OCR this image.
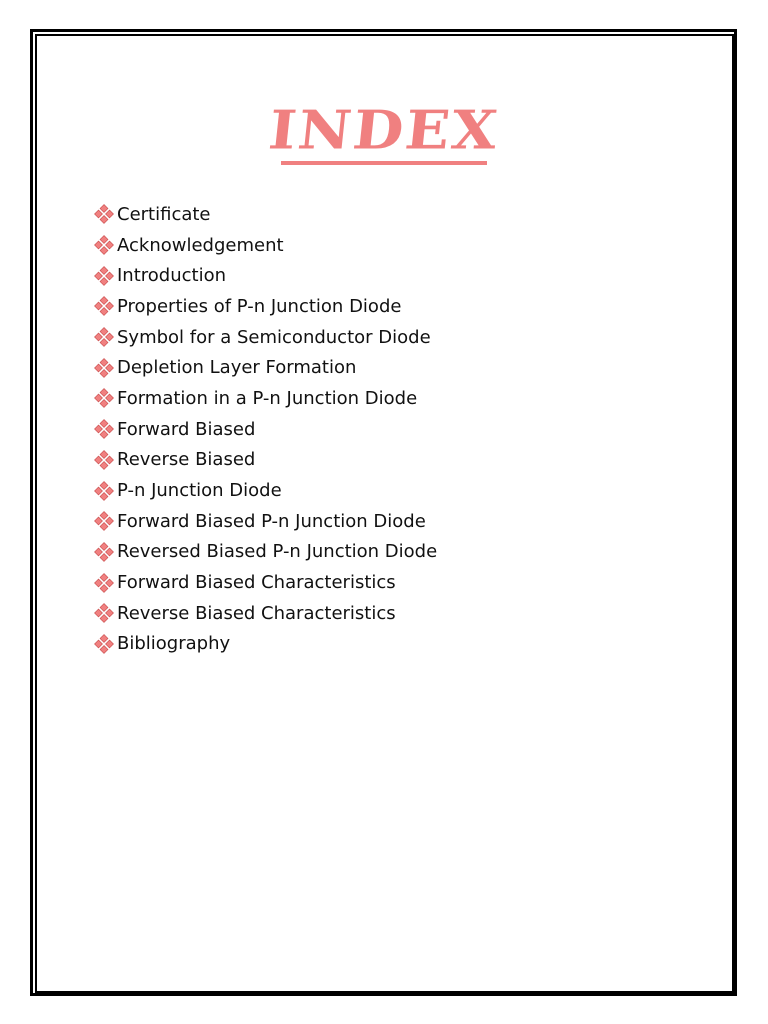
INDEX
Certificate
Acknowledgement
Introduction
Properties of P-n Junction Diode
Symbol for a Semiconductor Diode
Depletion Layer Formation
Formation in a P-n Junction Diode
Forward Biased
Reverse Biased
P-n Junction Diode
Forward Biased P-n Junction Diode
Reversed Biased P-n Junction Diode
Forward Biased Characteristics
Reverse Biased Characteristics
Bibliography
